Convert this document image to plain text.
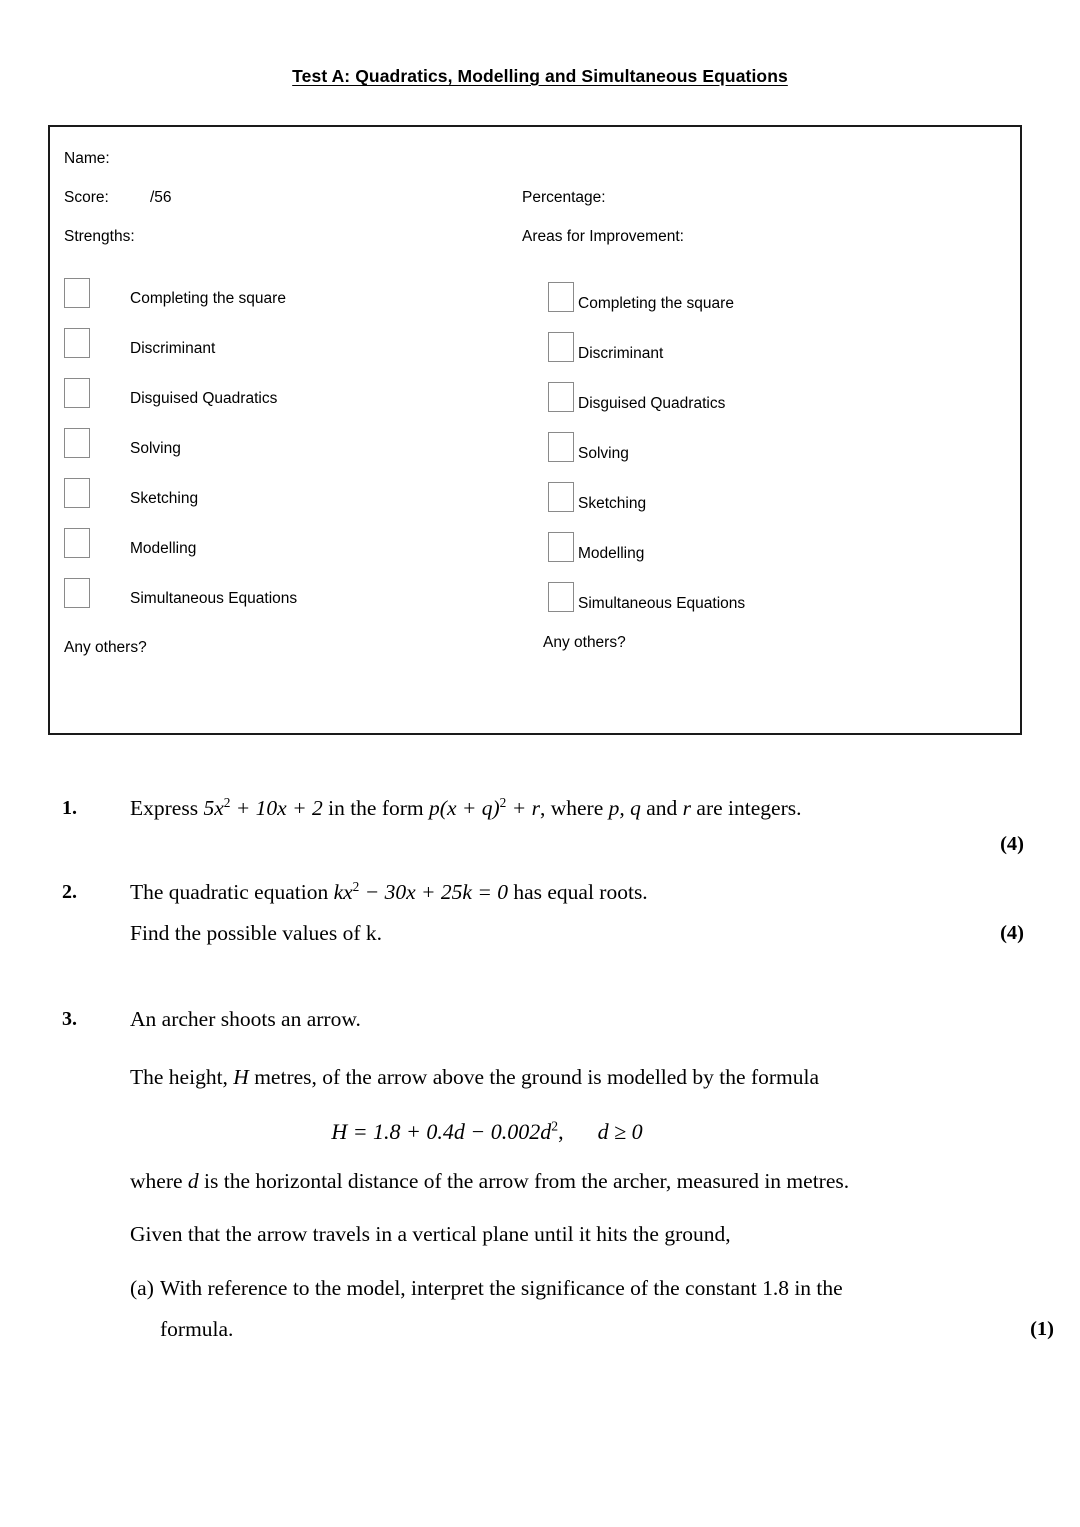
Test A: Quadratics, Modelling and Simultaneous Equations
Name:
Score:	/56	Percentage:
Strengths:	Areas for Improvement:
Completing the square
Discriminant
Disguised Quadratics
Solving
Sketching
Modelling
Simultaneous Equations
Completing the square
Discriminant
Disguised Quadratics
Solving
Sketching
Modelling
Simultaneous Equations
Any others?	Any others?
1. Express $5x^2 + 10x + 2$ in the form $p(x + q)^2 + r$, where p, q and r are integers.
(4)
2. The quadratic equation $kx^2 - 30x + 25k = 0$ has equal roots.
Find the possible values of k.	(4)
3. An archer shoots an arrow.
The height, H metres, of the arrow above the ground is modelled by the formula
$H = 1.8 + 0.4d - 0.002d^2$, d ≥ 0
where d is the horizontal distance of the arrow from the archer, measured in metres.
Given that the arrow travels in a vertical plane until it hits the ground,
(a) With reference to the model, interpret the significance of the constant 1.8 in the
formula.	(1)
